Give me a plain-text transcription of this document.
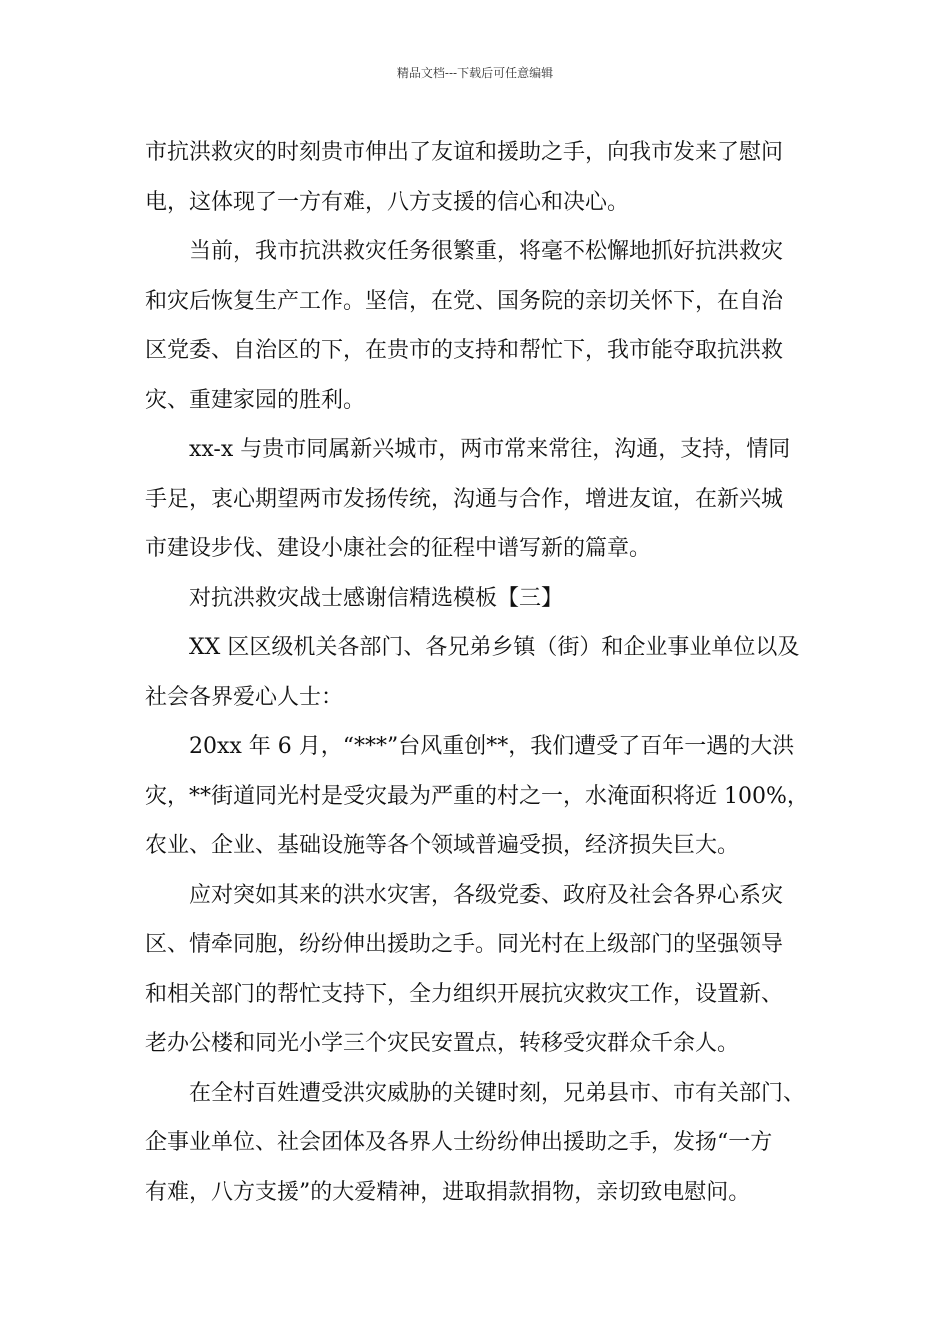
精品文档---下载后可任意编辑
市抗洪救灾的时刻贵市伸出了友谊和援助之手，向我市发来了慰问
电，这体现了一方有难，八方支援的信心和决心。
当前，我市抗洪救灾任务很繁重，将毫不松懈地抓好抗洪救灾
和灾后恢复生产工作。坚信，在党、国务院的亲切关怀下，在自治
区党委、自治区的下，在贵市的支持和帮忙下，我市能夺取抗洪救
灾、重建家园的胜利。
xx-x 与贵市同属新兴城市，两市常来常往，沟通，支持，情同
手足，衷心期望两市发扬传统，沟通与合作，增进友谊，在新兴城
市建设步伐、建设小康社会的征程中谱写新的篇章。
对抗洪救灾战士感谢信精选模板【三】
XX 区区级机关各部门、各兄弟乡镇（街）和企业事业单位以及
社会各界爱心人士：
20xx 年 6 月，“***”台风重创**，我们遭受了百年一遇的大洪
灾，**街道同光村是受灾最为严重的村之一，水淹面积将近 100%，
农业、企业、基础设施等各个领域普遍受损，经济损失巨大。
应对突如其来的洪水灾害，各级党委、政府及社会各界心系灾
区、情牵同胞，纷纷伸出援助之手。同光村在上级部门的坚强领导
和相关部门的帮忙支持下，全力组织开展抗灾救灾工作，设置新、
老办公楼和同光小学三个灾民安置点，转移受灾群众千余人。
在全村百姓遭受洪灾威胁的关键时刻，兄弟县市、市有关部门、
企事业单位、社会团体及各界人士纷纷伸出援助之手，发扬“一方
有难，八方支援”的大爱精神，进取捐款捐物，亲切致电慰问。
